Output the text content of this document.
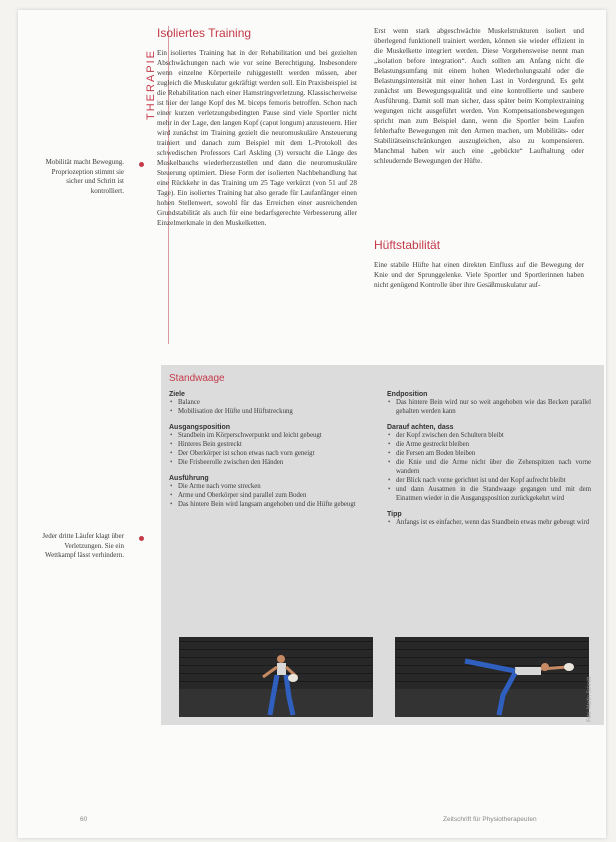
THERAPIE
Isoliertes Training
Ein isoliertes Training hat in der Rehabilitation und bei gezielten Abschwächungen nach wie vor seine Berechtigung. Insbesondere wenn einzelne Körperteile ruhiggestellt werden müssen, aber zugleich die Muskulatur gekräftigt werden soll. Ein Praxisbeispiel ist die Rehabilitation nach einer Hamstringverletzung. Klassischerweise ist hier der lange Kopf des M. biceps femoris betroffen. Schon nach einer kurzen verletzungsbedingten Pause sind viele Sportler nicht mehr in der Lage, den langen Kopf (caput longum) anzusteuern. Hier wird zunächst im Training gezielt die neuromuskuläre Ansteuerung trainiert und danach zum Beispiel mit dem L-Protokoll des schwedischen Professors Carl Askling (3) versucht die Länge des Muskelbauchs wiederherzustellen und dann die neuromuskuläre Steuerung optimiert. Diese Form der isolierten Nachbehandlung hat eine Rückkehr in das Training um 25 Tage verkürzt (von 51 auf 28 Tage). Ein isoliertes Training hat also gerade für Laufanfänger einen hohen Stellenwert, sowohl für das Erreichen einer ausreichenden Grundstabilität als auch für eine bedarfsgerechte Verbesserung aller Einzelmerkmale in den Muskelketten.
Erst wenn stark abgeschwächte Muskelstrukturen isoliert und überlegend funktionell trainiert werden, können sie wieder effizient in die Muskelkette integriert werden. Diese Vorgehensweise nennt man „isolation before integration“. Auch sollten am Anfang nicht die Belastungsumfang mit einem hohen Wiederholungszahl oder die Belastungsintensität mit einer hohen Last in Vordergrund. Es geht zunächst um Bewegungsqualität und eine kontrollierte und saubere Ausführung. Damit soll man sicher, dass später beim Komplextraining wegungen nicht ausgeführt werden. Von Kompensationsbewegungen spricht man zum Beispiel dann, wenn die Sportler beim Laufen fehlerhafte Bewegungen mit den Armen machen, um Mobilitäts- oder Stabilitätseinschränkungen auszugleichen, also zu kompensieren. Manchmal haben wir auch eine „gebückte“ Laufhaltung oder schleudernde Bewegungen der Hüfte.
Hüftstabilität
Eine stabile Hüfte hat einen direkten Einfluss auf die Bewegung der Knie und der Sprunggelenke. Viele Sportler und Sportlerinnen haben nicht genügend Kontrolle über ihre Gesäßmuskulatur auf-
Mobilität macht Bewegung. Propriozeption stimmt sie sicher und Schritt ist kontrolliert.
Jeder dritte Läufer klagt über Verletzungen. Sie ein Wettkampf lässt verhindern.
Standwaage
Ziele
• Balance
• Mobilisation der Hüfte und Hüftstreckung
Ausgangsposition
• Standbein im Körperschwerpunkt und leicht gebeugt
• Hinteres Bein gestreckt
• Der Oberkörper ist schon etwas nach vorn geneigt
• Die Frisbeerolle zwischen den Händen
Ausführung
• Die Arme nach vorne strecken
• Arme und Oberkörper sind parallel zum Boden
• Das hintere Bein wird langsam angehoben und die Hüfte gebeugt
Endposition
• Das hintere Bein wird nur so weit angehoben wie das Becken parallel gehalten werden kann
Darauf achten, dass
• der Kopf zwischen den Schultern bleibt
• die Arme gestreckt bleiben
• die Fersen am Boden bleiben
• die Knie und die Arme nicht über die Zehenspitzen nach vorne wandern
• der Blick nach vorne gerichtet ist und der Kopf aufrecht bleibt
• und dann Ausatmen in die Standwaage gegangen und mit dem Einatmen wieder in die Ausgangsposition zurückgekehrt wird
Tipp
• Anfangs ist es einfacher, wenn das Standbein etwas mehr gebeugt wird
Foto: Martin Schmitt
60	Zeitschrift für Physiotherapeuten
